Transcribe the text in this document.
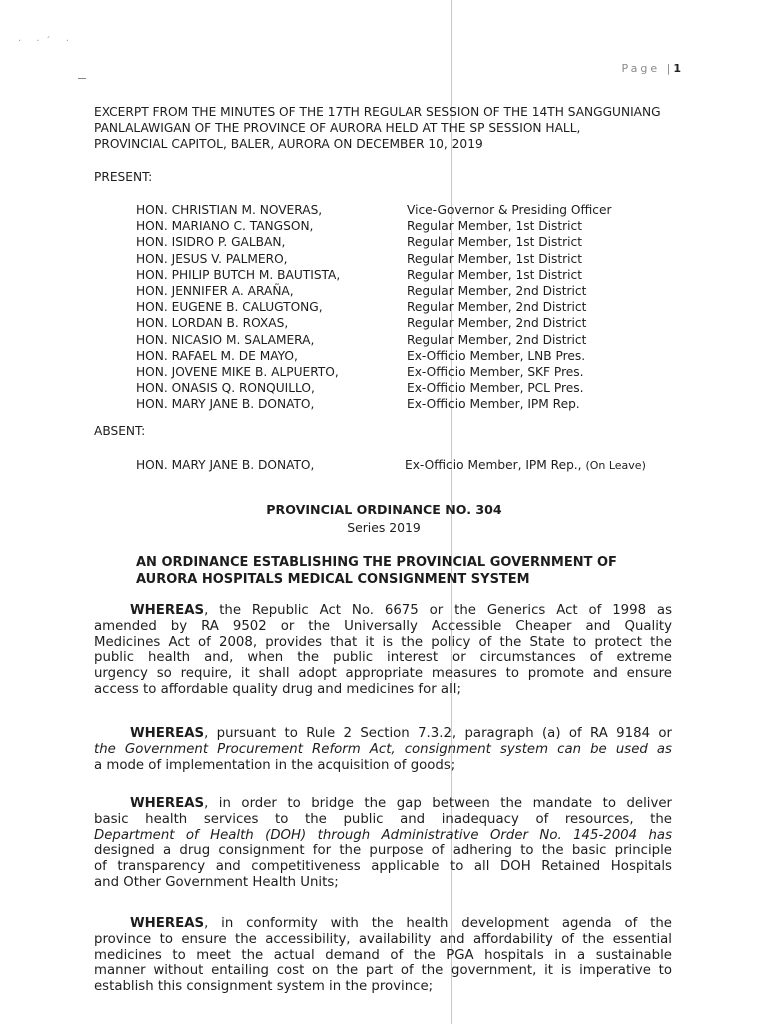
· ·´ ·
Page |1
EXCERPT FROM THE MINUTES OF THE 17TH REGULAR SESSION OF THE 14TH SANGGUNIANG
PANLALAWIGAN OF THE PROVINCE OF AURORA HELD AT THE SP SESSION HALL,
PROVINCIAL CAPITOL, BALER, AURORA ON DECEMBER 10, 2019
PRESENT:
HON. CHRISTIAN M. NOVERAS,	Vice-Governor & Presiding Officer
HON. MARIANO C. TANGSON,	Regular Member, 1st District
HON. ISIDRO P. GALBAN,	Regular Member, 1st District
HON. JESUS V. PALMERO,	Regular Member, 1st District
HON. PHILIP BUTCH M. BAUTISTA,	Regular Member, 1st District
HON. JENNIFER A. ARAÑA,	Regular Member, 2nd District
HON. EUGENE B. CALUGTONG,	Regular Member, 2nd District
HON. LORDAN B. ROXAS,	Regular Member, 2nd District
HON. NICASIO M. SALAMERA,	Regular Member, 2nd District
HON. RAFAEL M. DE MAYO,	Ex-Officio Member, LNB Pres.
HON. JOVENE MIKE B. ALPUERTO,	Ex-Officio Member, SKF Pres.
HON. ONASIS Q. RONQUILLO,	Ex-Officio Member, PCL Pres.
HON. MARY JANE B. DONATO,	Ex-Officio Member, IPM Rep.
ABSENT:
HON. MARY JANE B. DONATO,	Ex-Officio Member, IPM Rep., (On Leave)
PROVINCIAL ORDINANCE NO. 304
Series 2019
AN ORDINANCE ESTABLISHING THE PROVINCIAL GOVERNMENT OF
AURORA HOSPITALS MEDICAL CONSIGNMENT SYSTEM
WHEREAS, the Republic Act No. 6675 or the Generics Act of 1998 as
amended by RA 9502 or the Universally Accessible Cheaper and Quality
Medicines Act of 2008, provides that it is the policy of the State to protect the
public health and, when the public interest or circumstances of extreme
urgency so require, it shall adopt appropriate measures to promote and ensure
access to affordable quality drug and medicines for all;
WHEREAS, pursuant to Rule 2 Section 7.3.2, paragraph (a) of RA 9184 or
the Government Procurement Reform Act, consignment system can be used as
a mode of implementation in the acquisition of goods;
WHEREAS, in order to bridge the gap between the mandate to deliver
basic health services to the public and inadequacy of resources, the
Department of Health (DOH) through Administrative Order No. 145-2004 has
designed a drug consignment for the purpose of adhering to the basic principle
of transparency and competitiveness applicable to all DOH Retained Hospitals
and Other Government Health Units;
WHEREAS, in conformity with the health development agenda of the
province to ensure the accessibility, availability and affordability of the essential
medicines to meet the actual demand of the PGA hospitals in a sustainable
manner without entailing cost on the part of the government, it is imperative to
establish this consignment system in the province;
